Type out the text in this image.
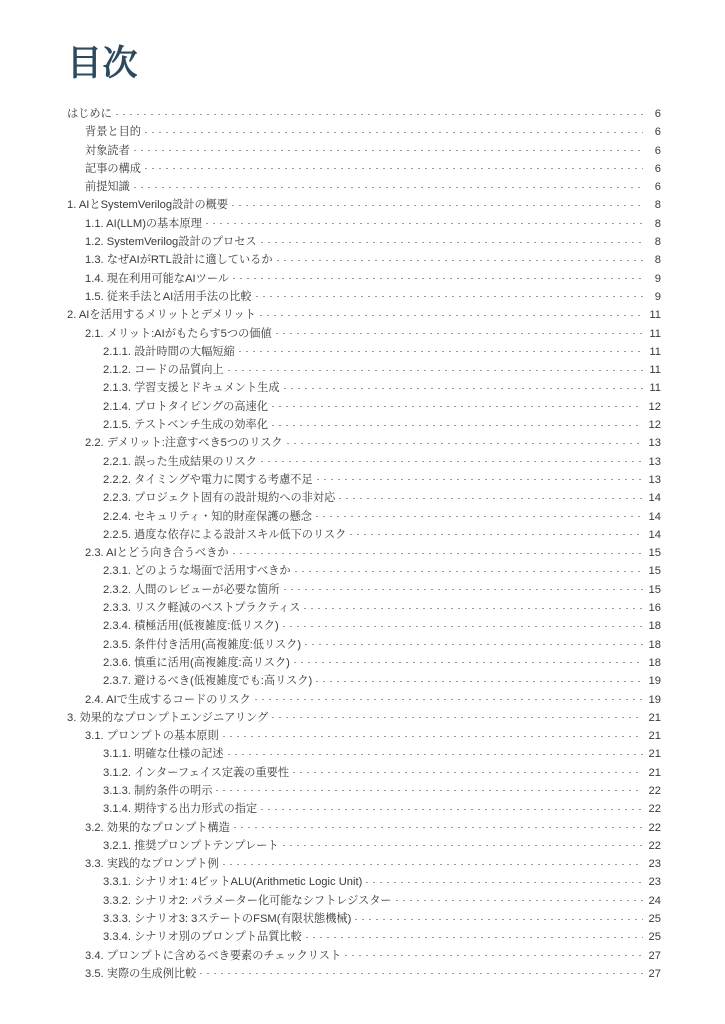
目次
はじめに	6
背景と目的	6
対象読者	6
記事の構成	6
前提知識	6
1. AIとSystemVerilog設計の概要	8
1.1. AI(LLM)の基本原理	8
1.2. SystemVerilog設計のプロセス	8
1.3. なぜAIがRTL設計に適しているか	8
1.4. 現在利用可能なAIツール	9
1.5. 従来手法とAI活用手法の比較	9
2. AIを活用するメリットとデメリット	11
2.1. メリット:AIがもたらす5つの価値	11
2.1.1. 設計時間の大幅短縮	11
2.1.2. コードの品質向上	11
2.1.3. 学習支援とドキュメント生成	11
2.1.4. プロトタイピングの高速化	12
2.1.5. テストベンチ生成の効率化	12
2.2. デメリット:注意すべき5つのリスク	13
2.2.1. 誤った生成結果のリスク	13
2.2.2. タイミングや電力に関する考慮不足	13
2.2.3. プロジェクト固有の設計規約への非対応	14
2.2.4. セキュリティ・知的財産保護の懸念	14
2.2.5. 過度な依存による設計スキル低下のリスク	14
2.3. AIとどう向き合うべきか	15
2.3.1. どのような場面で活用すべきか	15
2.3.2. 人間のレビューが必要な箇所	15
2.3.3. リスク軽減のベストプラクティス	16
2.3.4. 積極活用(低複雑度:低リスク)	18
2.3.5. 条件付き活用(高複雑度:低リスク)	18
2.3.6. 慎重に活用(高複雑度:高リスク)	18
2.3.7. 避けるべき(低複雑度でも:高リスク)	19
2.4. AIで生成するコードのリスク	19
3. 効果的なプロンプトエンジニアリング	21
3.1. プロンプトの基本原則	21
3.1.1. 明確な仕様の記述	21
3.1.2. インターフェイス定義の重要性	21
3.1.3. 制約条件の明示	22
3.1.4. 期待する出力形式の指定	22
3.2. 効果的なプロンプト構造	22
3.2.1. 推奨プロンプトテンプレート	22
3.3. 実践的なプロンプト例	23
3.3.1. シナリオ1: 4ビットALU(Arithmetic Logic Unit)	23
3.3.2. シナリオ2: パラメーター化可能なシフトレジスター	24
3.3.3. シナリオ3: 3ステートのFSM(有限状態機械)	25
3.3.4. シナリオ別のプロンプト品質比較	25
3.4. プロンプトに含めるべき要素のチェックリスト	27
3.5. 実際の生成例比較	27
